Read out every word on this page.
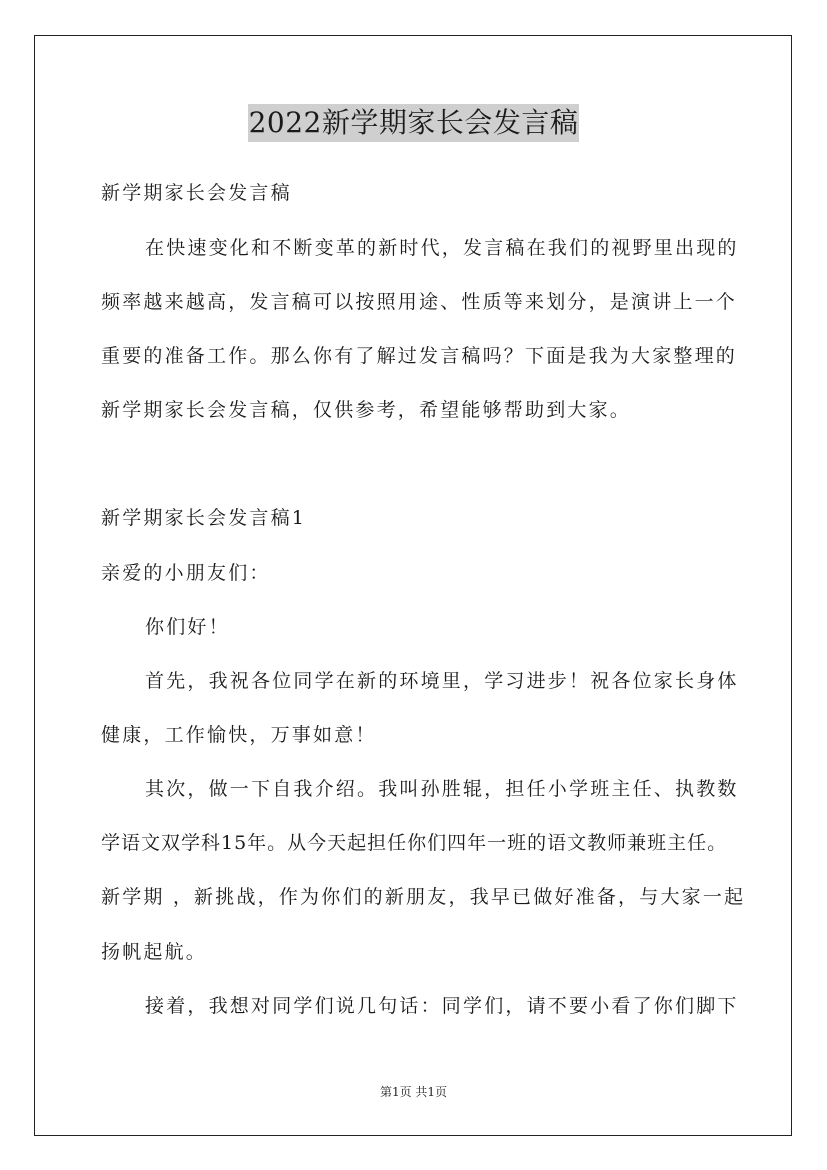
2022新学期家长会发言稿
新学期家长会发言稿
在快速变化和不断变革的新时代，发言稿在我们的视野里出现的
频率越来越高，发言稿可以按照用途、性质等来划分，是演讲上一个
重要的准备工作。那么你有了解过发言稿吗？下面是我为大家整理的
新学期家长会发言稿，仅供参考，希望能够帮助到大家。
新学期家长会发言稿1
亲爱的小朋友们：
你们好！
首先，我祝各位同学在新的环境里，学习进步！祝各位家长身体
健康，工作愉快，万事如意！
其次，做一下自我介绍。我叫孙胜辊，担任小学班主任、执教数
学语文双学科15年。从今天起担任你们四年一班的语文教师兼班主任。
新学期 ，新挑战，作为你们的新朋友，我早已做好准备，与大家一起
扬帆起航。
接着，我想对同学们说几句话：同学们，请不要小看了你们脚下
第1页 共1页
